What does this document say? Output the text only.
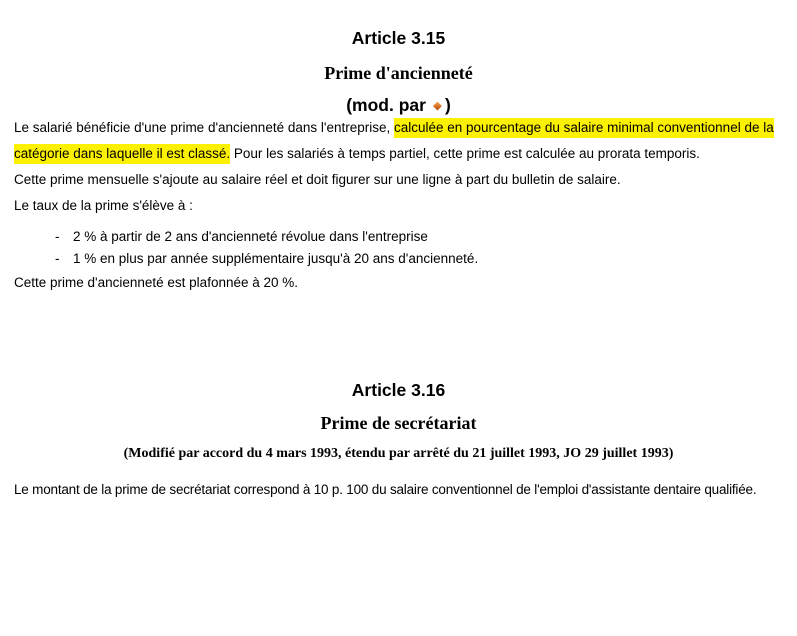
Article 3.15
Prime d'ancienneté
(mod. par )

Le salarié bénéficie d'une prime d'ancienneté dans l'entreprise, calculée en pourcentage du salaire minimal conventionnel de la catégorie dans laquelle il est classé. Pour les salariés à temps partiel, cette prime est calculée au prorata temporis.

Cette prime mensuelle s'ajoute au salaire réel et doit figurer sur une ligne à part du bulletin de salaire.

Le taux de la prime s'élève à :

-	2 % à partir de 2 ans d'ancienneté révolue dans l'entreprise
-	1 % en plus par année supplémentaire jusqu'à 20 ans d'ancienneté.

Cette prime d'ancienneté est plafonnée à 20 %.

Article 3.16
Prime de secrétariat

(Modifié par accord du 4 mars 1993, étendu par arrêté du 21 juillet 1993, JO 29 juillet 1993)

Le montant de la prime de secrétariat correspond à 10 p. 100 du salaire conventionnel de l'emploi d'assistante dentaire qualifiée.
